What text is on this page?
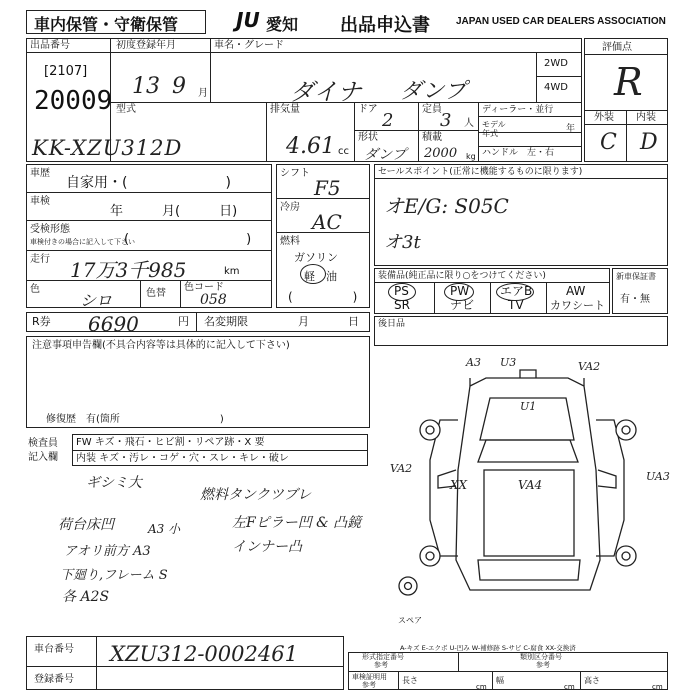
車内保管・守衛保管	JU 愛知 出品申込書	JAPAN USED CAR DEALERS ASSOCIATION
出品番号
[2107]
20009
初度登録年月
13 9 月
車名・グレード
ダイナ ダンプ
2WD
4WD
評価点
R
外装 内装
C D
型式
KK-XZU312D
排気量
4.61 cc
ドア
2
定員
3 人
形状
ダンプ
積載
2000 kg
ディーラー・並行
モデル
年式	年
ハンドル　左・右
車歴
自家用・(　　　　　　　)
車検
年　　　月(　　　日)
受検形態
車検付きの場合に記入して下さい
(　　　　　　　　　)
走行 17万3千985	km
色
シロ	色替
色コード
058
シフト
F5
冷房
AC
燃料
ガソリン
軽　油
(　　　　　)
セールスポイント(正常に機能するものに限ります)
オE/G: S05C
オ3t
装備品(純正品に限り○をつけてください)
PS	PW	エアB	AW
SR	ナビ	TV カワシート
新車保証書
有・無
R券 6690	円 名変期限	月	日 後日品
注意事項申告欄(不具合内容等は具体的に記入して下さい)
修復歴　有(箇所　　　　　　　　　　)
検査員
記入欄
FW キズ・飛石・ヒビ割・リペア跡・X 要
内装 キズ・汚レ・コゲ・穴・スレ・キレ・破レ
ギシミ大
燃料タンクツブレ
荷台床凹	A3 小
アオリ前方 A3
左Fピラー凹 & 凸鏡
インナー凸
下廻り,フレーム S
各 A2S
A3 U3	VA2
U1
VA2
XX	VA4
UA3
スペア
A-キズ E-エクボ U-凹み W-補修跡 S-サビ C-腐食 XX-交換済
車台番号 XZU312-0002461
登録番号
形式指定番号
参考
類別区分番号
参考
車検証明用
参考	長さ
cm
幅
cm
高さ
cm
